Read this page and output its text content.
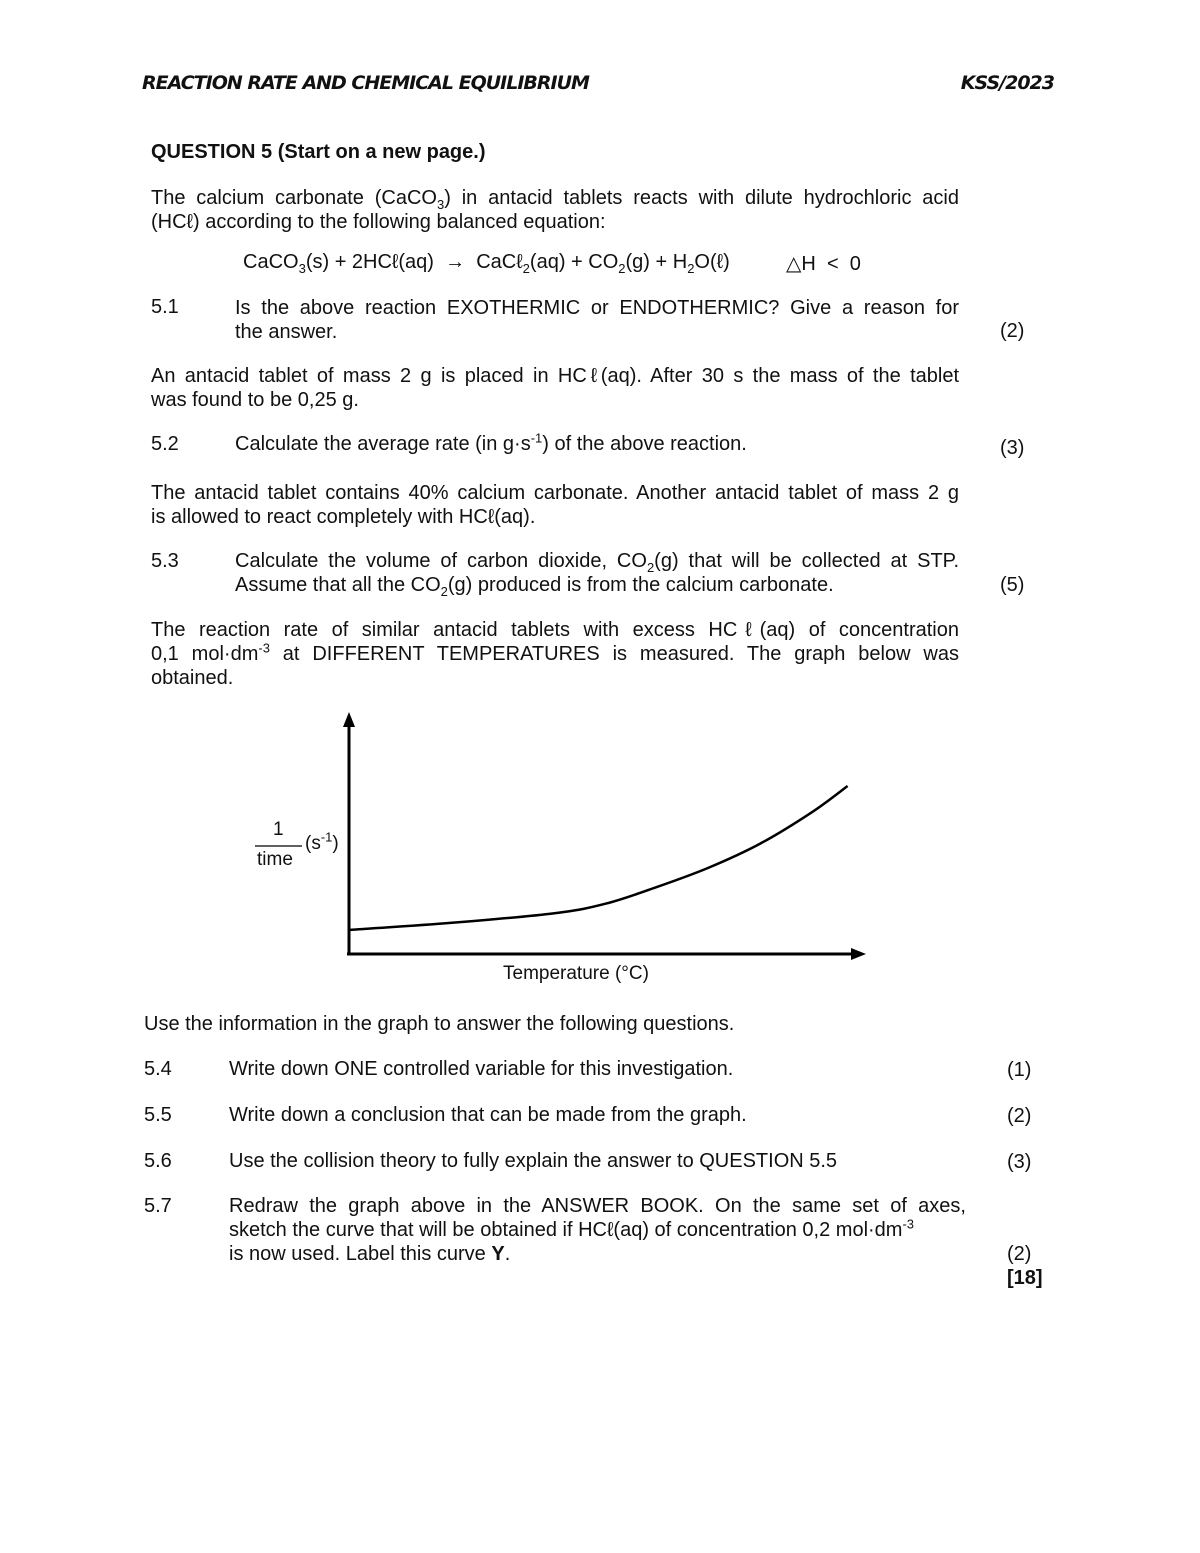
REACTION RATE AND CHEMICAL EQUILIBRIUM	KSS/2023
QUESTION 5 (Start on a new page.)
The calcium carbonate (CaCO$_3$) in antacid tablets reacts with dilute hydrochloric acid
(HCℓ) according to the following balanced equation:
CaCO$_3$(s) + 2HCℓ(aq)  →  CaCℓ$_2$(aq) + $CO_2(g)$ + $H_2O(\ell)$	△H  <  0
5.1	Is the above reaction EXOTHERMIC or ENDOTHERMIC? Give a reason for
the answer.	(2)
An antacid tablet of mass 2 g is placed in HCℓ(aq). After 30 s the mass of the tablet
was found to be 0,25 g.
5.2	Calculate the average rate (in $g\cdot s^{-1}$) of the above reaction.	(3)
The antacid tablet contains 40% calcium carbonate. Another antacid tablet of mass 2 g
is allowed to react completely with HCℓ(aq).
5.3	Calculate the volume of carbon dioxide, $CO_2(g)$ that will be collected at STP.
Assume that all the $CO_2(g)$ produced is from the calcium carbonate.	(5)
The reaction rate of similar antacid tablets with excess HCℓ(aq) of concentration
0,1 $mol\cdot dm^{-3}$ at DIFFERENT TEMPERATURES is measured. The graph below was
obtained.
1
time
$(s^{-1})$
Temperature (°C)
Use the information in the graph to answer the following questions.
5.4	Write down ONE controlled variable for this investigation.	(1)
5.5	Write down a conclusion that can be made from the graph.	(2)
5.6	Use the collision theory to fully explain the answer to QUESTION 5.5	(3)
5.7	Redraw the graph above in the ANSWER BOOK. On the same set of axes,
sketch the curve that will be obtained if HCℓ(aq) of concentration 0,2 $mol\cdot dm^{-3}$
is now used. Label this curve Y.	(2)
[18]
